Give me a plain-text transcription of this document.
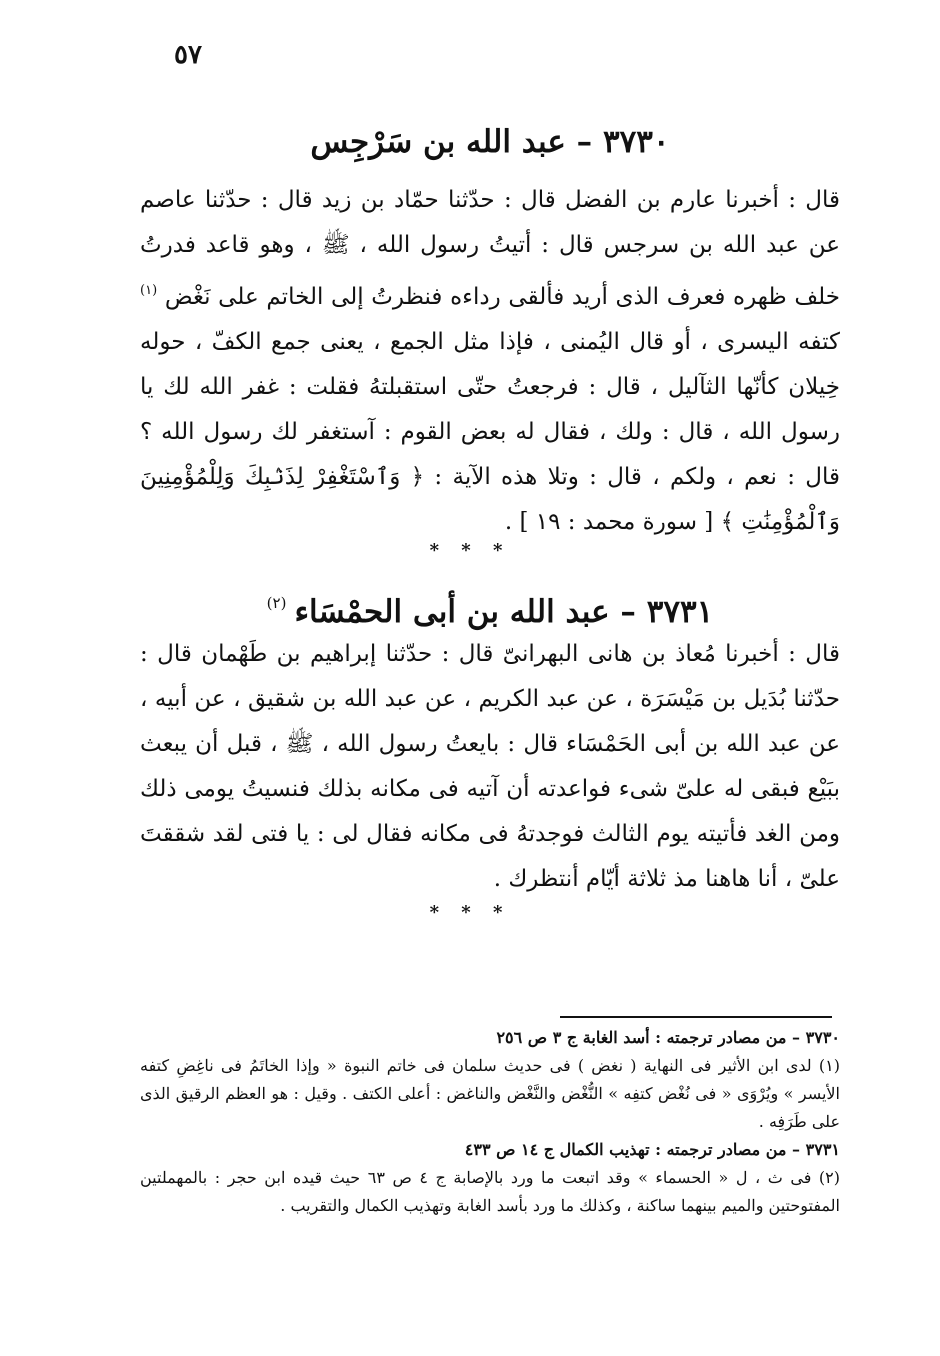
٥٧
٣٧٣٠ – عبد الله بن سَرْجِس

قال : أخبرنا عارم بن الفضل قال : حدّثنا حمّاد بن زيد قال : حدّثنا عاصم عن عبد الله بن سرجس قال : أتيتُ رسول الله ، ﷺ ، وهو قاعد فدرتُ خلف ظهره فعرف الذى أريد فألقى رداءه فنظرتُ إلى الخاتم على نَغْض $^{(١)}$ كتفه اليسرى ، أو قال اليُمنى ، فإذا مثل الجمع ، يعنى جمع الكفّ ، حوله خِيلان كأنّها الثآليل ، قال : فرجعتُ حتّى استقبلتهُ فقلت : غفر الله لك يا رسول الله ، قال : ولك ، فقال له بعض القوم : آستغفر لك رسول الله ؟ قال : نعم ، ولكم ، قال : وتلا هذه الآية : ﴿ وَٱسْتَغْفِرْ لِذَنۢبِكَ وَلِلْمُؤْمِنِينَ وَٱلْمُؤْمِنَٰتِ ﴾ [ سورة محمد : ١٩ ] .

* * *
٣٧٣١ – عبد الله بن أبى الحمْسَاء$^{(٢)}$

قال : أخبرنا مُعاذ بن هانى البهرانىّ قال : حدّثنا إبراهيم بن طَهْمان قال : حدّثنا بُدَيل بن مَيْسَرَة ، عن عبد الكريم ، عن عبد الله بن شقيق ، عن أبيه ، عن عبد الله بن أبى الحَمْسَاء قال : بايعتُ رسول الله ، ﷺ ، قبل أن يبعث ببَيْع فبقى له علىّ شىء فواعدته أن آتيه فى مكانه بذلك فنسيتُ يومى ذلك ومن الغد فأتيته يوم الثالث فوجدتهُ فى مكانه فقال لى : يا فتى لقد شققتَ علىّ ، أنا هاهنا مذ ثلاثة أيّام أنتظرك .

* * *

٣٧٣٠ – من مصادر ترجمته : أسد الغابة ج ٣ ص ٢٥٦

(١) لدى ابن الأثير فى النهاية ( نغض ) فى حديث سلمان فى خاتم النبوة « وإذا الخاتَمُ فى ناغِضِ كتفه الأيسر » ويُرْوَى « فى نُغْض كتفِه » النُّغْض والنَّغْض والناغض : أعلى الكتف . وقيل : هو العظم الرقيق الذى على طَرَفِه .

٣٧٣١ – من مصادر ترجمته : تهذيب الكمال ج ١٤ ص ٤٣٣

(٢) فى ث ، ل « الحسماء » وقد اتبعت ما ورد بالإصابة ج ٤ ص ٦٣ حيث قيده ابن حجر : بالمهملتين المفتوحتين والميم بينهما ساكنة ، وكذلك ما ورد بأسد الغابة وتهذيب الكمال والتقريب .
